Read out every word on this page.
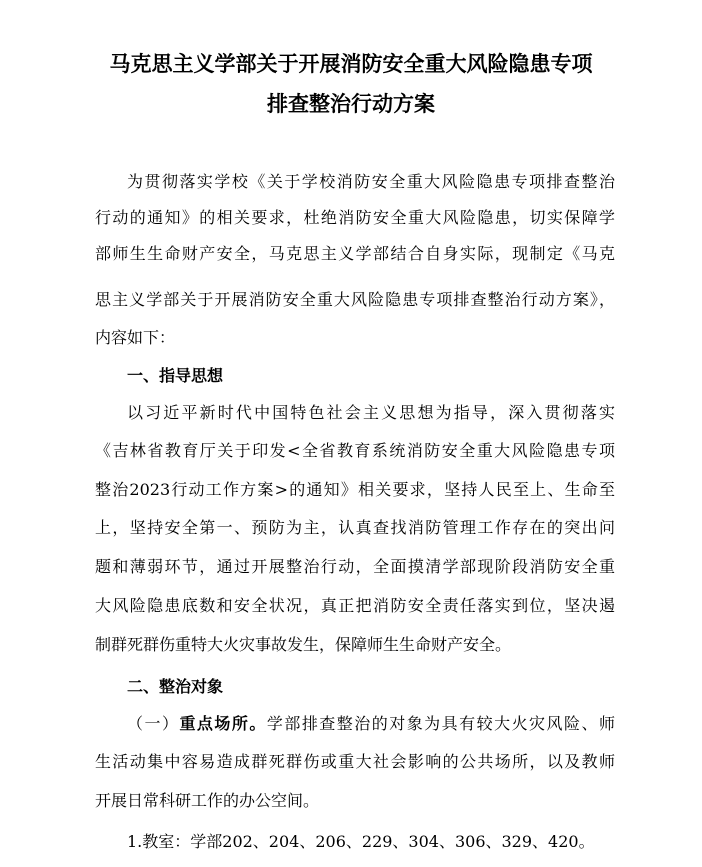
马克思主义学部关于开展消防安全重大风险隐患专项
排查整治行动方案
为贯彻落实学校《关于学校消防安全重大风险隐患专项排查整治
行动的通知》的相关要求，杜绝消防安全重大风险隐患，切实保障学
部师生生命财产安全，马克思主义学部结合自身实际，现制定《马克
思主义学部关于开展消防安全重大风险隐患专项排查整治行动方案》，
内容如下：
一、指导思想
以习近平新时代中国特色社会主义思想为指导，深入贯彻落实
《吉林省教育厅关于印发<全省教育系统消防安全重大风险隐患专项
整治2023行动工作方案>的通知》相关要求，坚持人民至上、生命至
上，坚持安全第一、预防为主，认真查找消防管理工作存在的突出问
题和薄弱环节，通过开展整治行动，全面摸清学部现阶段消防安全重
大风险隐患底数和安全状况，真正把消防安全责任落实到位，坚决遏
制群死群伤重特大火灾事故发生，保障师生生命财产安全。
二、整治对象
（一）重点场所。学部排查整治的对象为具有较大火灾风险、师
生活动集中容易造成群死群伤或重大社会影响的公共场所，以及教师
开展日常科研工作的办公空间。
1.教室：学部202、204、206、229、304、306、329、420。
